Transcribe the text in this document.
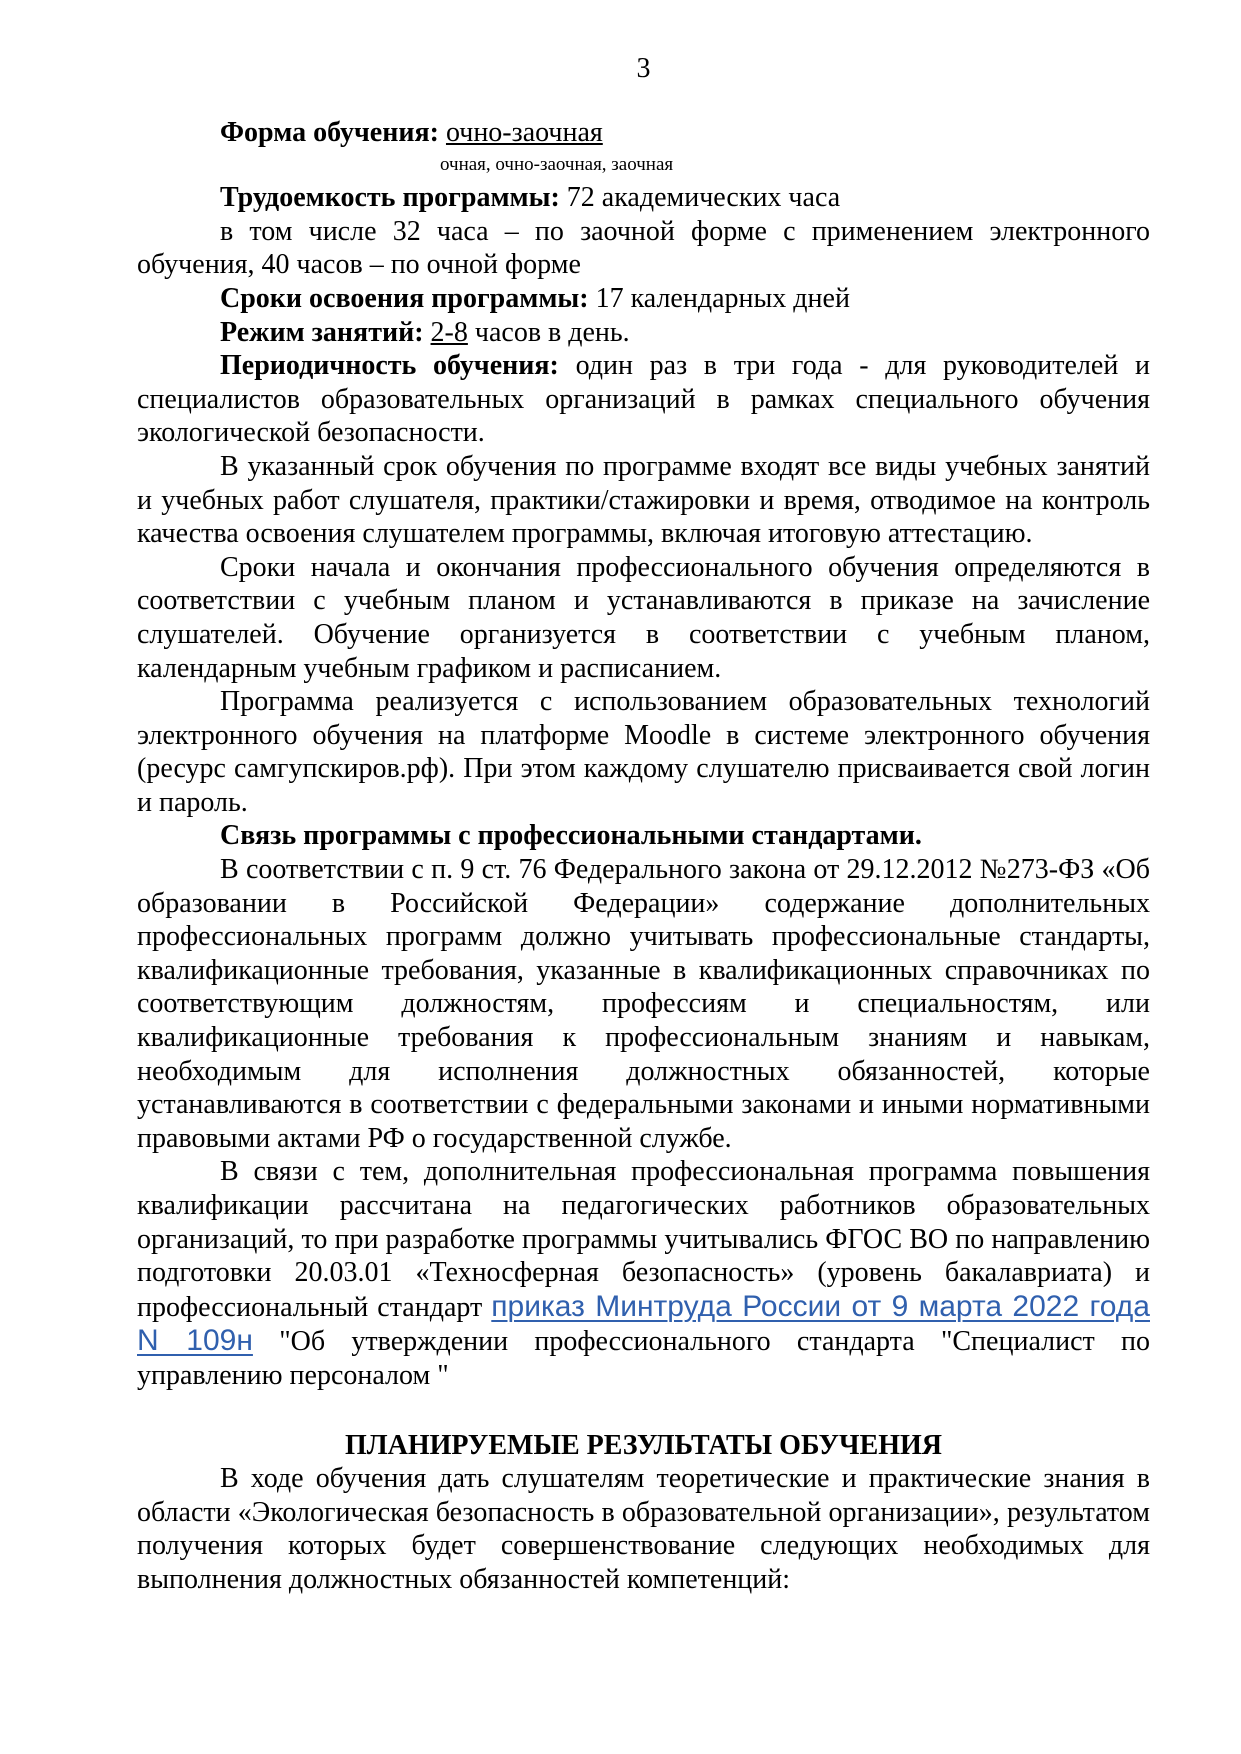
3

Форма обучения: очно-заочная

очная, очно-заочная, заочная

Трудоемкость программы: 72 академических часа

в том числе 32 часа – по заочной форме с применением электронного обучения, 40 часов – по очной форме

Сроки освоения программы: 17 календарных дней

Режим занятий: 2-8 часов в день.

Периодичность обучения: один раз в три года - для руководителей и специалистов образовательных организаций в рамках специального обучения экологической безопасности.

В указанный срок обучения по программе входят все виды учебных занятий и учебных работ слушателя, практики/стажировки и время, отводимое на контроль качества освоения слушателем программы, включая итоговую аттестацию.

Сроки начала и окончания профессионального обучения определяются в соответствии с учебным планом и устанавливаются в приказе на зачисление слушателей. Обучение организуется в соответствии с учебным планом, календарным учебным графиком и расписанием.

Программа реализуется с использованием образовательных технологий электронного обучения на платформе Moodle в системе электронного обучения (ресурс самгупскиров.рф). При этом каждому слушателю присваивается свой логин и пароль.

Связь программы с профессиональными стандартами.

В соответствии с п. 9 ст. 76 Федерального закона от 29.12.2012 №273-ФЗ «Об образовании в Российской Федерации» содержание дополнительных профессиональных программ должно учитывать профессиональные стандарты, квалификационные требования, указанные в квалификационных справочниках по соответствующим должностям, профессиям и специальностям, или квалификационные требования к профессиональным знаниям и навыкам, необходимым для исполнения должностных обязанностей, которые устанавливаются в соответствии с федеральными законами и иными нормативными правовыми актами РФ о государственной службе.

В связи с тем, дополнительная профессиональная программа повышения квалификации рассчитана на педагогических работников образовательных организаций, то при разработке программы учитывались ФГОС ВО по направлению подготовки 20.03.01 «Техносферная безопасность» (уровень бакалавриата) и профессиональный стандарт приказ Минтруда России от 9 марта 2022 года N 109н "Об утверждении профессионального стандарта "Специалист по управлению персоналом "

ПЛАНИРУЕМЫЕ РЕЗУЛЬТАТЫ ОБУЧЕНИЯ

В ходе обучения дать слушателям теоретические и практические знания в области «Экологическая безопасность в образовательной организации», результатом получения которых будет совершенствование следующих необходимых для выполнения должностных обязанностей компетенций:
